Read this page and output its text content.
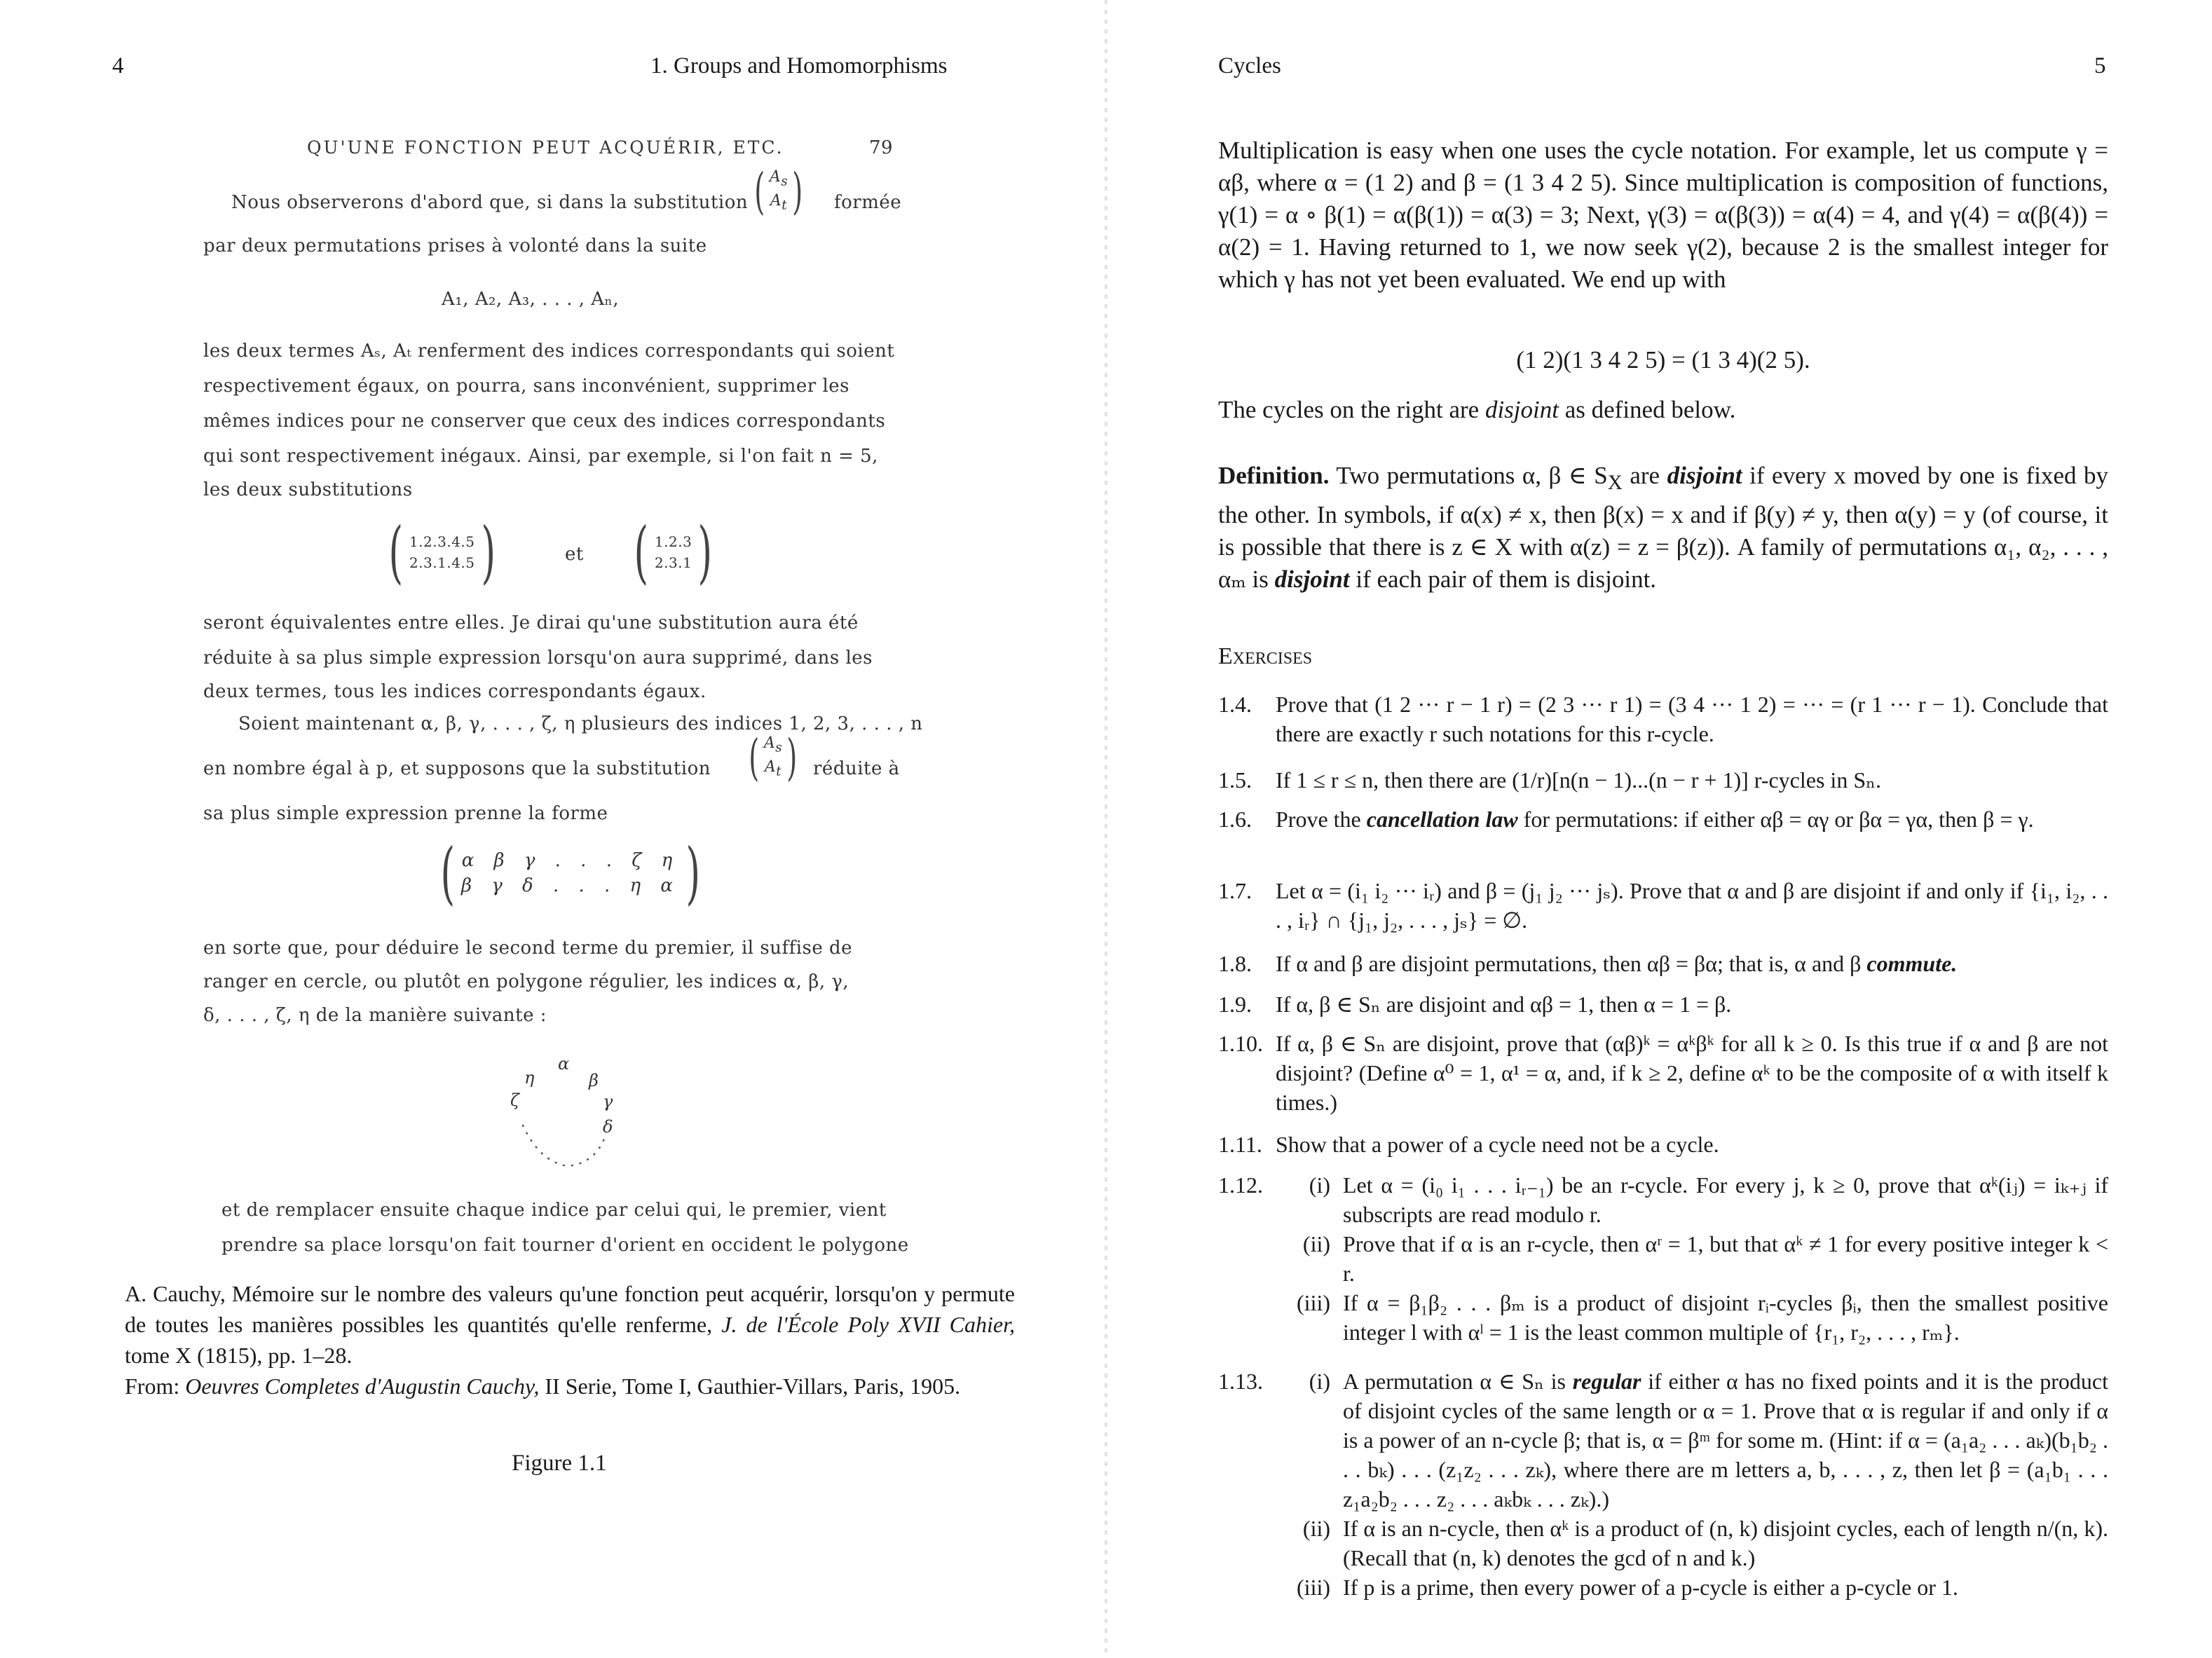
4	1. Groups and Homomorphisms
QU'UNE FONCTION PEUT ACQUÉRIR, ETC.	79
Nous observerons d'abord que, si dans la substitution ( $A_s$
$A_t$ ) formée
par deux permutations prises à volonté dans la suite
A₁, A₂, A₃, . . . , Aₙ,
les deux termes Aₛ, Aₜ renferment des indices correspondants qui soient
respectivement égaux, on pourra, sans inconvénient, supprimer les
mêmes indices pour ne conserver que ceux des indices correspondants
qui sont respectivement inégaux. Ainsi, par exemple, si l'on fait n = 5,
les deux substitutions
( 1.2.3.4.5
2.3.1.4.5 )	et ( 1.2.3
2.3.1 )
seront équivalentes entre elles. Je dirai qu'une substitution aura été
réduite à sa plus simple expression lorsqu'on aura supprimé, dans les
deux termes, tous les indices correspondants égaux.
Soient maintenant α, β, γ, . . . , ζ, η plusieurs des indices 1, 2, 3, . . . , n
en nombre égal à p, et supposons que la substitution ( $A_s$
$A_t$ ) réduite à
sa plus simple expression prenne la forme
( α β γ . . . ζ η
β γ δ . . . η α )
en sorte que, pour déduire le second terme du premier, il suffise de
ranger en cercle, ou plutôt en polygone régulier, les indices α, β, γ,
δ, . . . , ζ, η de la manière suivante :
α
β
γ
δ
ζ
η
et de remplacer ensuite chaque indice par celui qui, le premier, vient
prendre sa place lorsqu'on fait tourner d'orient en occident le polygone
A. Cauchy, Mémoire sur le nombre des valeurs qu'une fonction peut acquérir, lorsqu'on y permute de toutes les manières possibles les quantités qu'elle renferme, J. de l'École Poly XVII Cahier, tome X (1815), pp. 1–28.
From: Oeuvres Completes d'Augustin Cauchy, II Serie, Tome I, Gauthier-Villars, Paris, 1905.
Figure 1.1
Cycles	5
Multiplication is easy when one uses the cycle notation. For example, let us compute γ = αβ, where α = (1 2) and β = (1 3 4 2 5). Since multiplication is composition of functions, γ(1) = α ∘ β(1) = α(β(1)) = α(3) = 3; Next, γ(3) = α(β(3)) = α(4) = 4, and γ(4) = α(β(4)) = α(2) = 1. Having returned to 1, we now seek γ(2), because 2 is the smallest integer for which γ has not yet been evaluated. We end up with
(1 2)(1 3 4 2 5) = (1 3 4)(2 5).
The cycles on the right are disjoint as defined below.
Definition. Two permutations α, β ∈ $S_X$ are disjoint if every x moved by one is fixed by the other. In symbols, if α(x) ≠ x, then β(x) = x and if β(y) ≠ y, then α(y) = y (of course, it is possible that there is z ∈ X with α(z) = z = β(z)). A family of permutations α₁, α₂, . . . , αₘ is disjoint if each pair of them is disjoint.
Exercises
1.4.	Prove that (1 2 ··· r − 1 r) = (2 3 ··· r 1) = (3 4 ··· 1 2) = ··· = (r 1 ··· r − 1). Conclude that there are exactly r such notations for this r-cycle.
1.5.	If 1 ≤ r ≤ n, then there are (1/r)[n(n − 1)...(n − r + 1)] r-cycles in Sₙ.
1.6.	Prove the cancellation law for permutations: if either αβ = αγ or βα = γα, then β = γ.
1.7.	Let α = (i₁ i₂ ··· iᵣ) and β = (j₁ j₂ ··· jₛ). Prove that α and β are disjoint if and only if {i₁, i₂, . . . , iᵣ} ∩ {j₁, j₂, . . . , jₛ} = ∅.
1.8.	If α and β are disjoint permutations, then αβ = βα; that is, α and β commute.
1.9.	If α, β ∈ Sₙ are disjoint and αβ = 1, then α = 1 = β.
1.10. If α, β ∈ Sₙ are disjoint, prove that (αβ)ᵏ = αᵏβᵏ for all k ≥ 0. Is this true if α and β are not disjoint? (Define α⁰ = 1, α¹ = α, and, if k ≥ 2, define αᵏ to be the composite of α with itself k times.)
1.11. Show that a power of a cycle need not be a cycle.
1.12.	(i) Let α = (i₀ i₁ . . . iᵣ₋₁) be an r-cycle. For every j, k ≥ 0, prove that αᵏ(iⱼ) = iₖ₊ⱼ if subscripts are read modulo r.
(ii) Prove that if α is an r-cycle, then αʳ = 1, but that αᵏ ≠ 1 for every positive integer k < r.
(iii) If α = β₁β₂ . . . βₘ is a product of disjoint rᵢ-cycles βᵢ, then the smallest positive integer l with αˡ = 1 is the least common multiple of {r₁, r₂, . . . , rₘ}.
1.13.	(i) A permutation α ∈ Sₙ is regular if either α has no fixed points and it is the product of disjoint cycles of the same length or α = 1. Prove that α is regular if and only if α is a power of an n-cycle β; that is, α = βᵐ for some m. (Hint: if α = (a₁a₂ . . . aₖ)(b₁b₂ . . . bₖ) . . . (z₁z₂ . . . zₖ), where there are m letters a, b, . . . , z, then let β = (a₁b₁ . . . z₁a₂b₂ . . . z₂ . . . aₖbₖ . . . zₖ).)
(ii) If α is an n-cycle, then αᵏ is a product of (n, k) disjoint cycles, each of length n/(n, k). (Recall that (n, k) denotes the gcd of n and k.)
(iii) If p is a prime, then every power of a p-cycle is either a p-cycle or 1.
